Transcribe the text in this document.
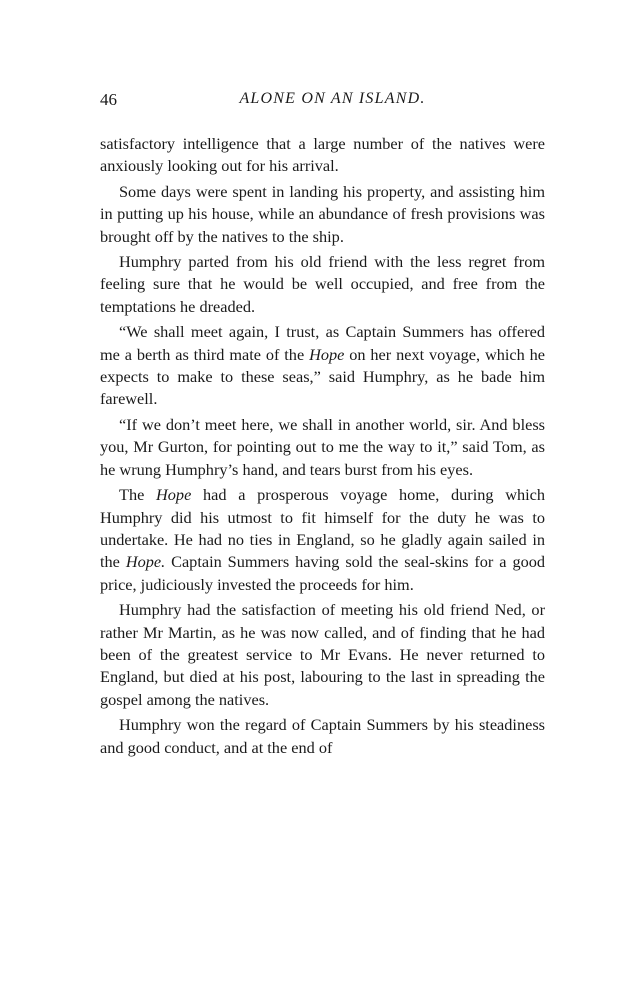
46	ALONE ON AN ISLAND.

satisfactory intelligence that a large number of the natives were anxiously looking out for his arrival.

Some days were spent in landing his property, and assisting him in putting up his house, while an abundance of fresh provisions was brought off by the natives to the ship.

Humphry parted from his old friend with the less regret from feeling sure that he would be well occupied, and free from the temptations he dreaded.

“We shall meet again, I trust, as Captain Summers has offered me a berth as third mate of the Hope on her next voyage, which he expects to make to these seas,” said Humphry, as he bade him farewell.

“If we don’t meet here, we shall in another world, sir. And bless you, Mr Gurton, for pointing out to me the way to it,” said Tom, as he wrung Humphry’s hand, and tears burst from his eyes.

The Hope had a prosperous voyage home, during which Humphry did his utmost to fit himself for the duty he was to undertake. He had no ties in England, so he gladly again sailed in the Hope. Captain Summers having sold the seal-skins for a good price, judiciously invested the proceeds for him.

Humphry had the satisfaction of meeting his old friend Ned, or rather Mr Martin, as he was now called, and of finding that he had been of the greatest service to Mr Evans. He never returned to England, but died at his post, labouring to the last in spreading the gospel among the natives.

Humphry won the regard of Captain Summers by his steadiness and good conduct, and at the end of
